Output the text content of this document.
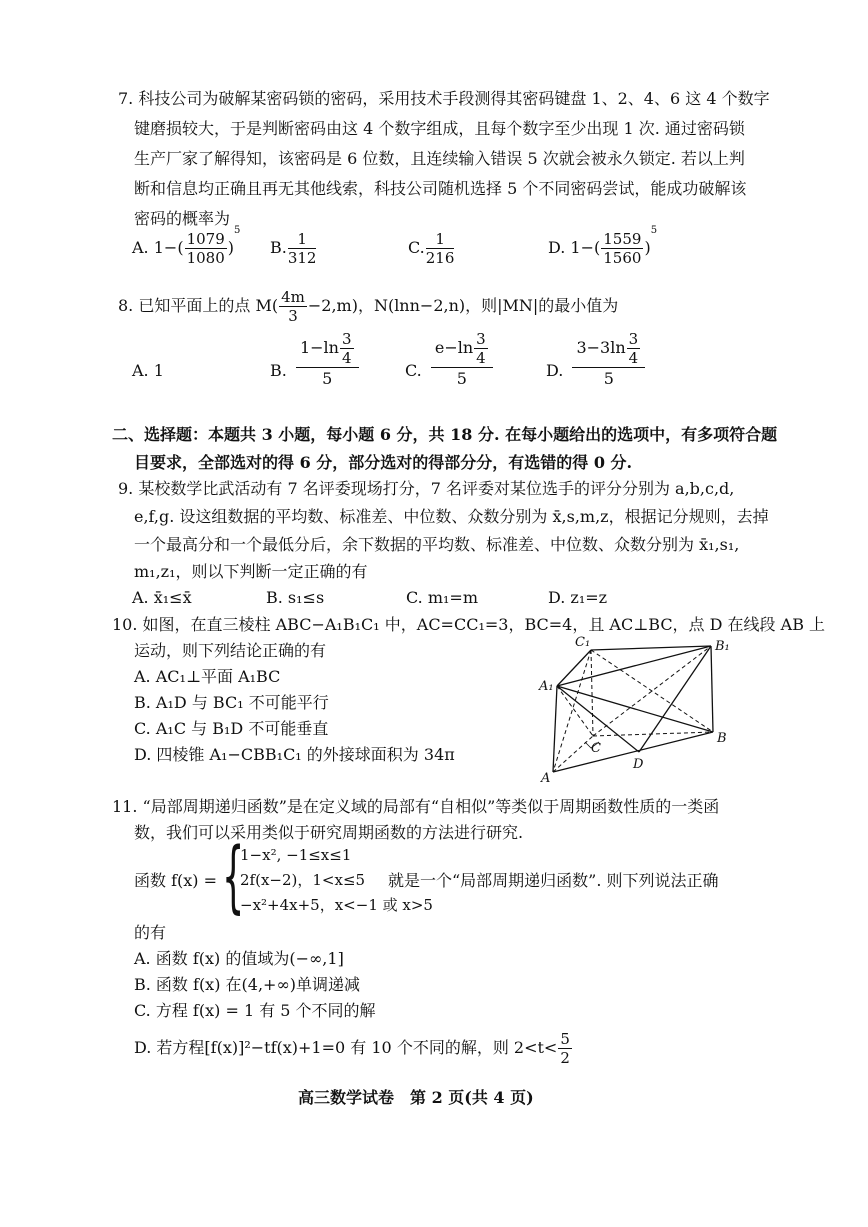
7. 科技公司为破解某密码锁的密码，采用技术手段测得其密码键盘 1、2、4、6 这 4 个数字
键磨损较大，于是判断密码由这 4 个数字组成，且每个数字至少出现 1 次. 通过密码锁
生产厂家了解得知，该密码是 6 位数，且连续输入错误 5 次就会被永久锁定. 若以上判
断和信息均正确且再无其他线索，科技公司随机选择 5 个不同密码尝试，能成功破解该
密码的概率为
A. $1-( \frac{1079}{1080} )^5$
B. $\frac{1}{312}$	C. $\frac{1}{216}$	D. $1-( \frac{1559}{1560} )^5$
8. 已知平面上的点 $M( \frac{4m}{3} -2,m)$，N(lnn−2,n)，则|MN|的最小值为
A. 1	B. $\frac{1-\ln \frac{3}{4}}{5}$	C. $\frac{e-\ln \frac{3}{4}}{5}$	D. $\frac{3-3\ln \frac{3}{4}}{5}$
二、选择题：本题共 3 小题，每小题 6 分，共 18 分. 在每小题给出的选项中，有多项符合题
目要求，全部选对的得 6 分，部分选对的得部分分，有选错的得 0 分.
9. 某校数学比武活动有 7 名评委现场打分，7 名评委对某位选手的评分分别为 a,b,c,d,
e,f,g. 设这组数据的平均数、标准差、中位数、众数分别为 x̄,s,m,z，根据记分规则，去掉
一个最高分和一个最低分后，余下数据的平均数、标准差、中位数、众数分别为 x̄₁,s₁,
m₁,z₁，则以下判断一定正确的有
A. x̄₁≤x̄	B. s₁≤s	C. m₁=m	D. z₁=z
10. 如图，在直三棱柱 ABC−A₁B₁C₁ 中，AC=CC₁=3，BC=4，且 AC⊥BC，点 D 在线段 AB 上
运动，则下列结论正确的有
A. AC₁⊥平面 A₁BC
B. A₁D 与 BC₁ 不可能平行
C. A₁C 与 B₁D 不可能垂直
D. 四棱锥 A₁−CBB₁C₁ 的外接球面积为 34π
C₁	B₁
A₁
C
B
D
A
11. “局部周期递归函数”是在定义域的局部有“自相似”等类似于周期函数性质的一类函
数，我们可以采用类似于研究周期函数的方法进行研究.
函数 f(x) = {
1−x², −1≤x≤1
2f(x−2)，1<x≤5
−x²+4x+5，x<−1 或 x>5
就是一个“局部周期递归函数”. 则下列说法正确
的有
A. 函数 f(x) 的值域为(−∞,1]
B. 函数 f(x) 在(4,+∞)单调递减
C. 方程 f(x) = 1 有 5 个不同的解
D. 若方程[f(x)]²−tf(x)+1=0 有 10 个不同的解，则 $2<t< \frac{5}{2}$
高三数学试卷　第 2 页(共 4 页)
